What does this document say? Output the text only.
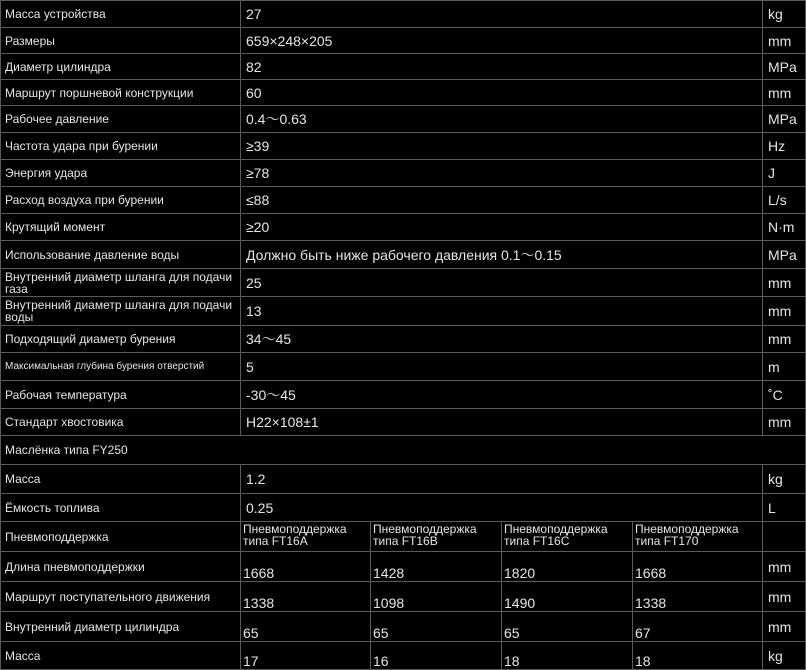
Масса устройства	27				kg
Размеры	659×248×205				mm
Диаметр цилиндра	82				MPa
Маршрут поршневой конструкции	60				mm
Рабочее давление	0.4～0.63				MPa
Частота удара при бурении	≥39				Hz
Энергия удара	≥78				J
Расход воздуха при бурении	≤88				L/s
Крутящий момент	≥20				N·m
Использование давление воды	Должно быть ниже рабочего давления 0.1～0.15				MPa
Внутренний диаметр шланга для подачи газа	25				mm
Внутренний диаметр шланга для подачи воды	13				mm
Подходящий диаметр бурения	34～45				mm
Максимальная глубина бурения отверстий	5				m
Рабочая температура	-30～45				˚C
Стандарт хвостовика	H22×108±1				mm
Маслёнка типа FY250					
Масса	1.2				kg
Ёмкость топлива	0.25				L
Пневмоподдержка	Пневмоподдержка типа FT16A	Пневмоподдержка типа FT16B	Пневмоподдержка типа FT16C	Пневмоподдержка типа FT170	
Длина пневмоподдержки	1668	1428	1820	1668	mm
Маршрут поступательного движения	1338	1098	1490	1338	mm
Внутренний диаметр цилиндра	65	65	65	67	mm
Масса	17	16	18	18	kg
